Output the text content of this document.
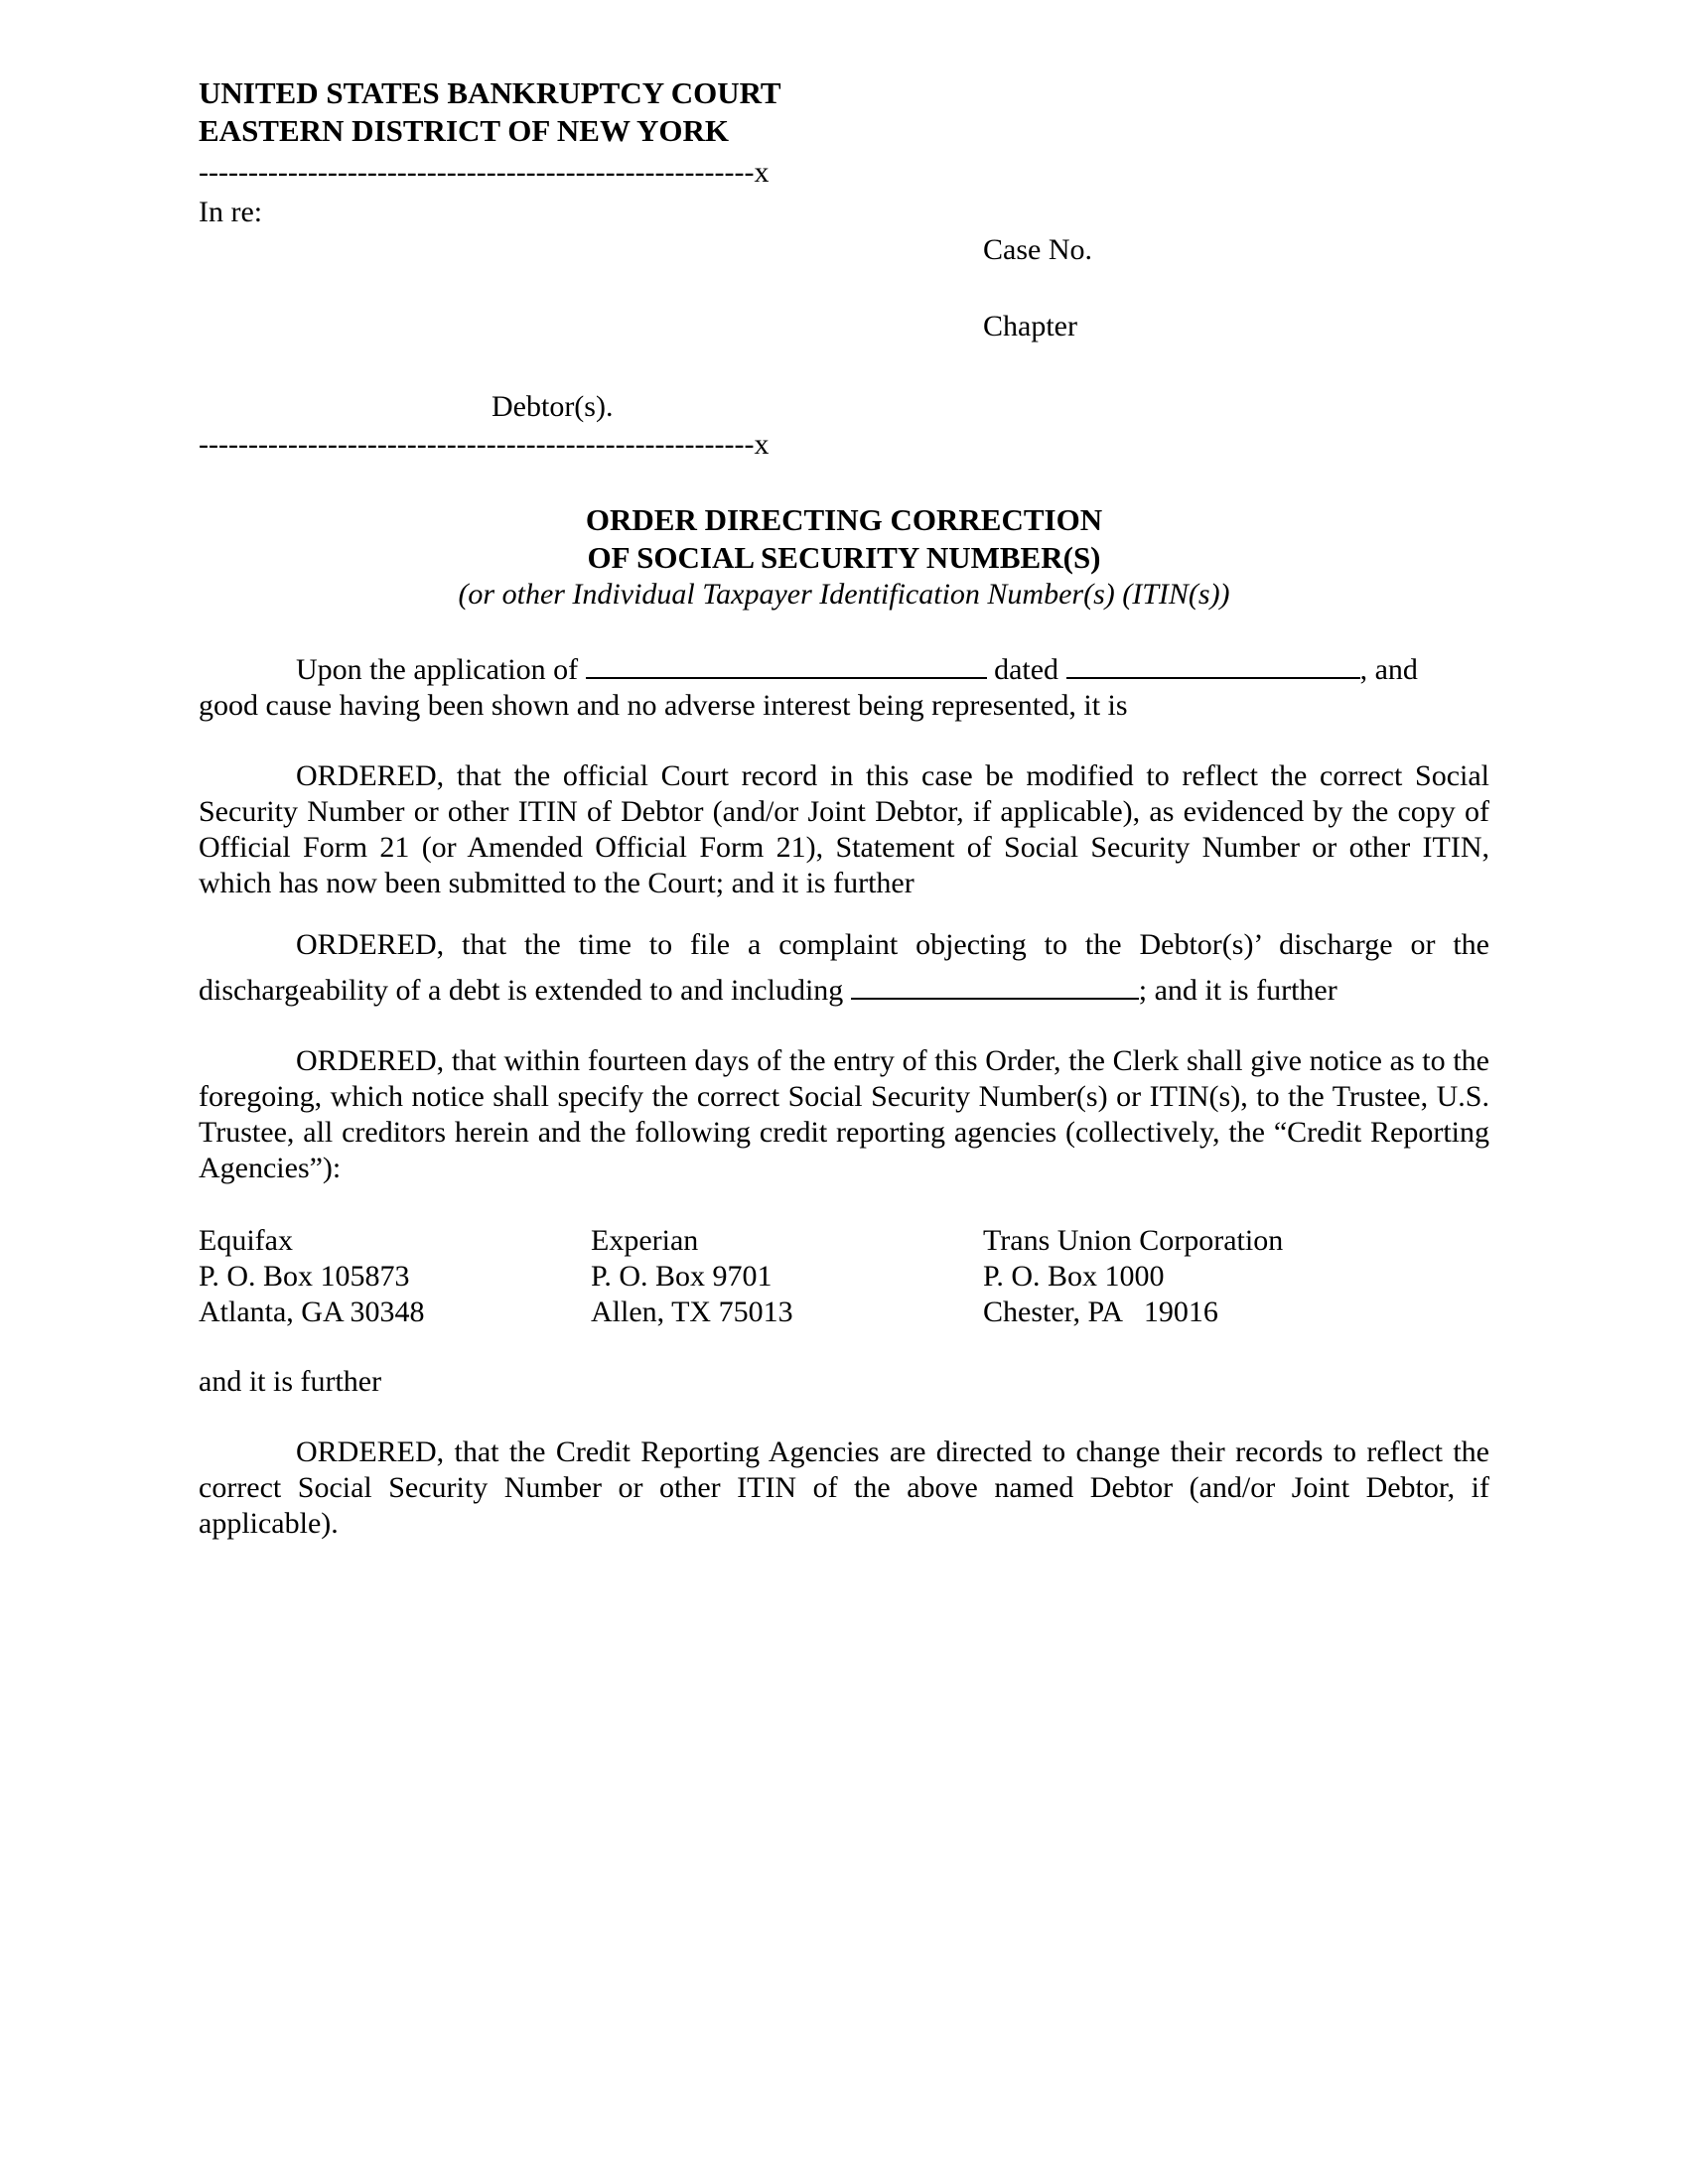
UNITED STATES BANKRUPTCY COURT
EASTERN DISTRICT OF NEW YORK
--------------------------------------------------------x
In re:
Case No.
Chapter
Debtor(s).
--------------------------------------------------------x
ORDER DIRECTING CORRECTION
OF SOCIAL SECURITY NUMBER(S)
(or other Individual Taxpayer Identification Number(s) (ITIN(s))
Upon the application of	dated	, and
good cause having been shown and no adverse interest being represented, it is
ORDERED, that the official Court record in this case be modified to reflect the correct Social Security Number or other ITIN of Debtor (and/or Joint Debtor, if applicable), as evidenced by the copy of Official Form 21 (or Amended Official Form 21), Statement of Social Security Number or other ITIN, which has now been submitted to the Court; and it is further
ORDERED, that the time to file a complaint objecting to the Debtor(s)’ discharge or the
dischargeability of a debt is extended to and including	; and it is further
ORDERED, that within fourteen days of the entry of this Order, the Clerk shall give notice as to the foregoing, which notice shall specify the correct Social Security Number(s) or ITIN(s), to the Trustee, U.S. Trustee, all creditors herein and the following credit reporting agencies (collectively, the “Credit Reporting Agencies”):
Equifax
P. O. Box 105873
Atlanta, GA 30348
Experian
P. O. Box 9701
Allen, TX 75013
Trans Union Corporation
P. O. Box 1000
Chester, PA   19016
and it is further
ORDERED, that the Credit Reporting Agencies are directed to change their records to reflect the correct Social Security Number or other ITIN of the above named Debtor (and/or Joint Debtor, if applicable).
